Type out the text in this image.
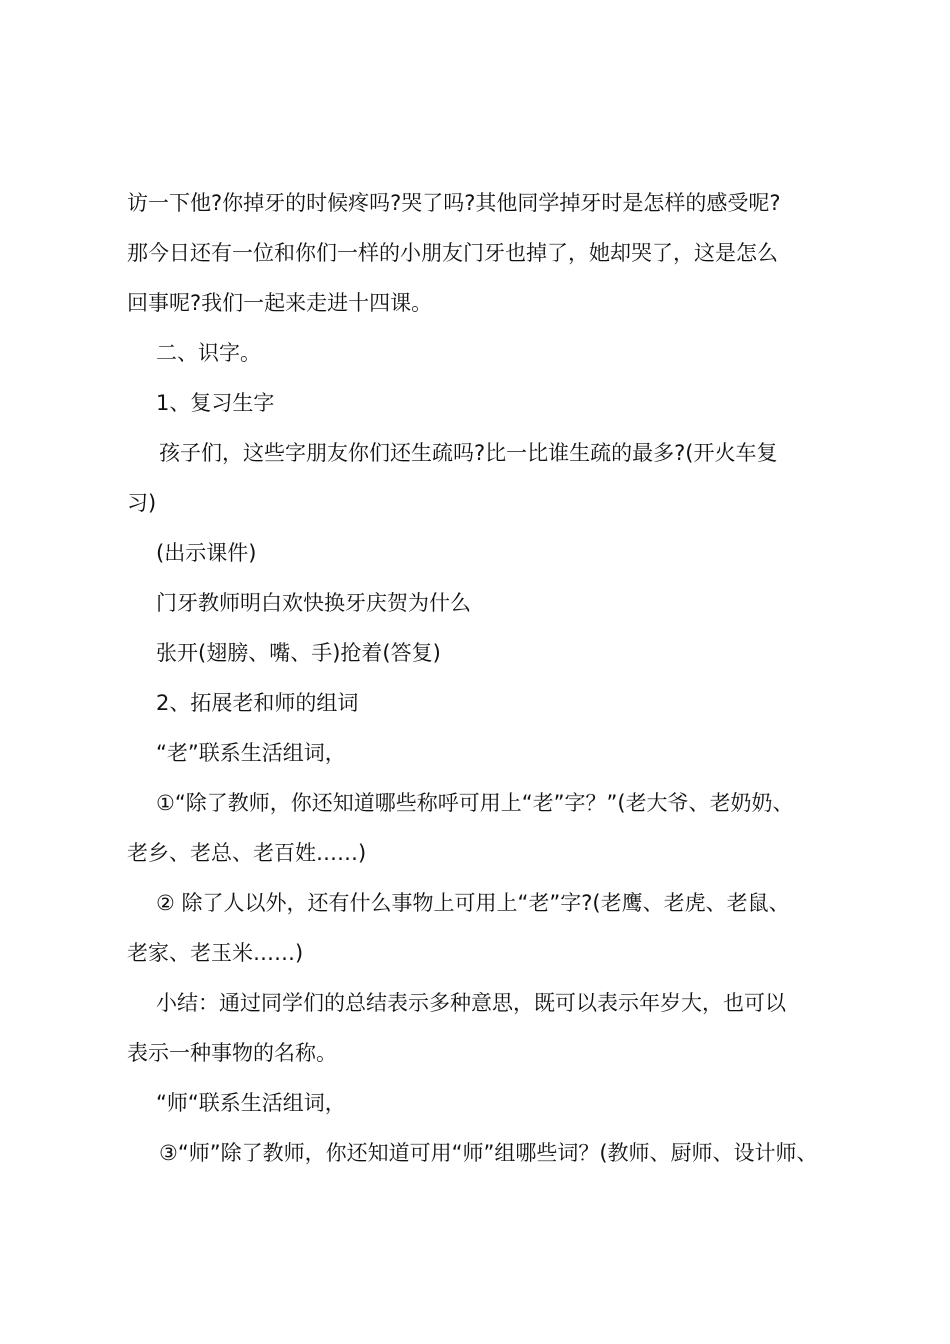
访一下他?你掉牙的时候疼吗?哭了吗?其他同学掉牙时是怎样的感受呢?
那今日还有一位和你们一样的小朋友门牙也掉了，她却哭了，这是怎么
回事呢?我们一起来走进十四课。
二、识字。
1、复习生字
孩子们，这些字朋友你们还生疏吗?比一比谁生疏的最多?(开火车复
习)
(出示课件)
门牙教师明白欢快换牙庆贺为什么
张开(翅膀、嘴、手)抢着(答复)
2、拓展老和师的组词
“老”联系生活组词，
①“除了教师，你还知道哪些称呼可用上“老”字？”(老大爷、老奶奶、
老乡、老总、老百姓……)
② 除了人以外，还有什么事物上可用上“老”字?(老鹰、老虎、老鼠、
老家、老玉米……)
小结：通过同学们的总结表示多种意思，既可以表示年岁大，也可以
表示一种事物的名称。
“师“联系生活组词，
③“师”除了教师，你还知道可用“师”组哪些词？(教师、厨师、设计师、
